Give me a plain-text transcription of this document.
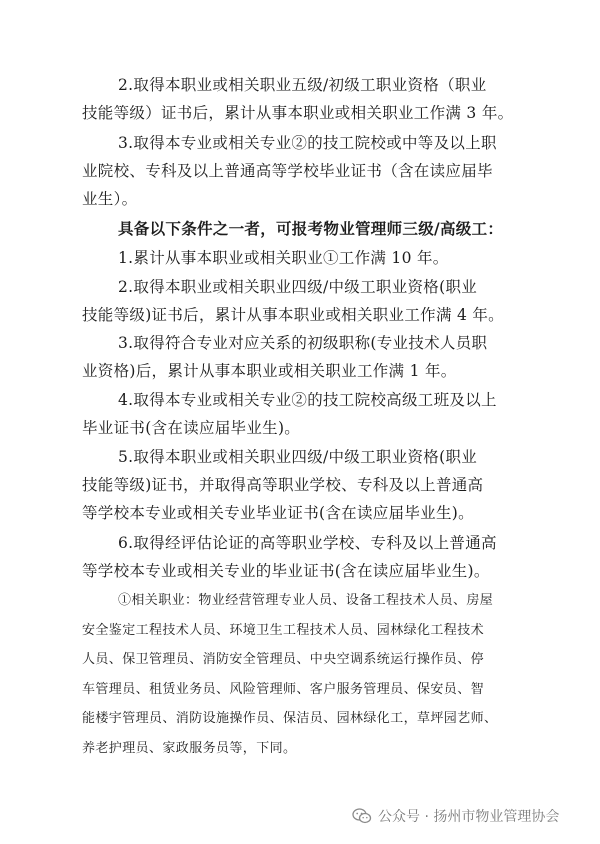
2.取得本职业或相关职业五级/初级工职业资格（职业
技能等级）证书后，累计从事本职业或相关职业工作满 3 年。

3.取得本专业或相关专业②的技工院校或中等及以上职
业院校、专科及以上普通高等学校毕业证书（含在读应届毕
业生）。

具备以下条件之一者，可报考物业管理师三级/高级工：

1.累计从事本职业或相关职业①工作满 10 年。

2.取得本职业或相关职业四级/中级工职业资格(职业
技能等级)证书后，累计从事本职业或相关职业工作满 4 年。

3.取得符合专业对应关系的初级职称(专业技术人员职
业资格)后，累计从事本职业或相关职业工作满 1 年。

4.取得本专业或相关专业②的技工院校高级工班及以上
毕业证书(含在读应届毕业生)。

5.取得本职业或相关职业四级/中级工职业资格(职业
技能等级)证书，并取得高等职业学校、专科及以上普通高
等学校本专业或相关专业毕业证书(含在读应届毕业生)。

6.取得经评估论证的高等职业学校、专科及以上普通高
等学校本专业或相关专业的毕业证书(含在读应届毕业生)。

①相关职业：物业经营管理专业人员、设备工程技术人员、房屋
安全鉴定工程技术人员、环境卫生工程技术人员、园林绿化工程技术
人员、保卫管理员、消防安全管理员、中央空调系统运行操作员、停
车管理员、租赁业务员、风险管理师、客户服务管理员、保安员、智
能楼宇管理员、消防设施操作员、保洁员、园林绿化工，草坪园艺师、
养老护理员、家政服务员等，下同。

公众号 · 扬州市物业管理协会
